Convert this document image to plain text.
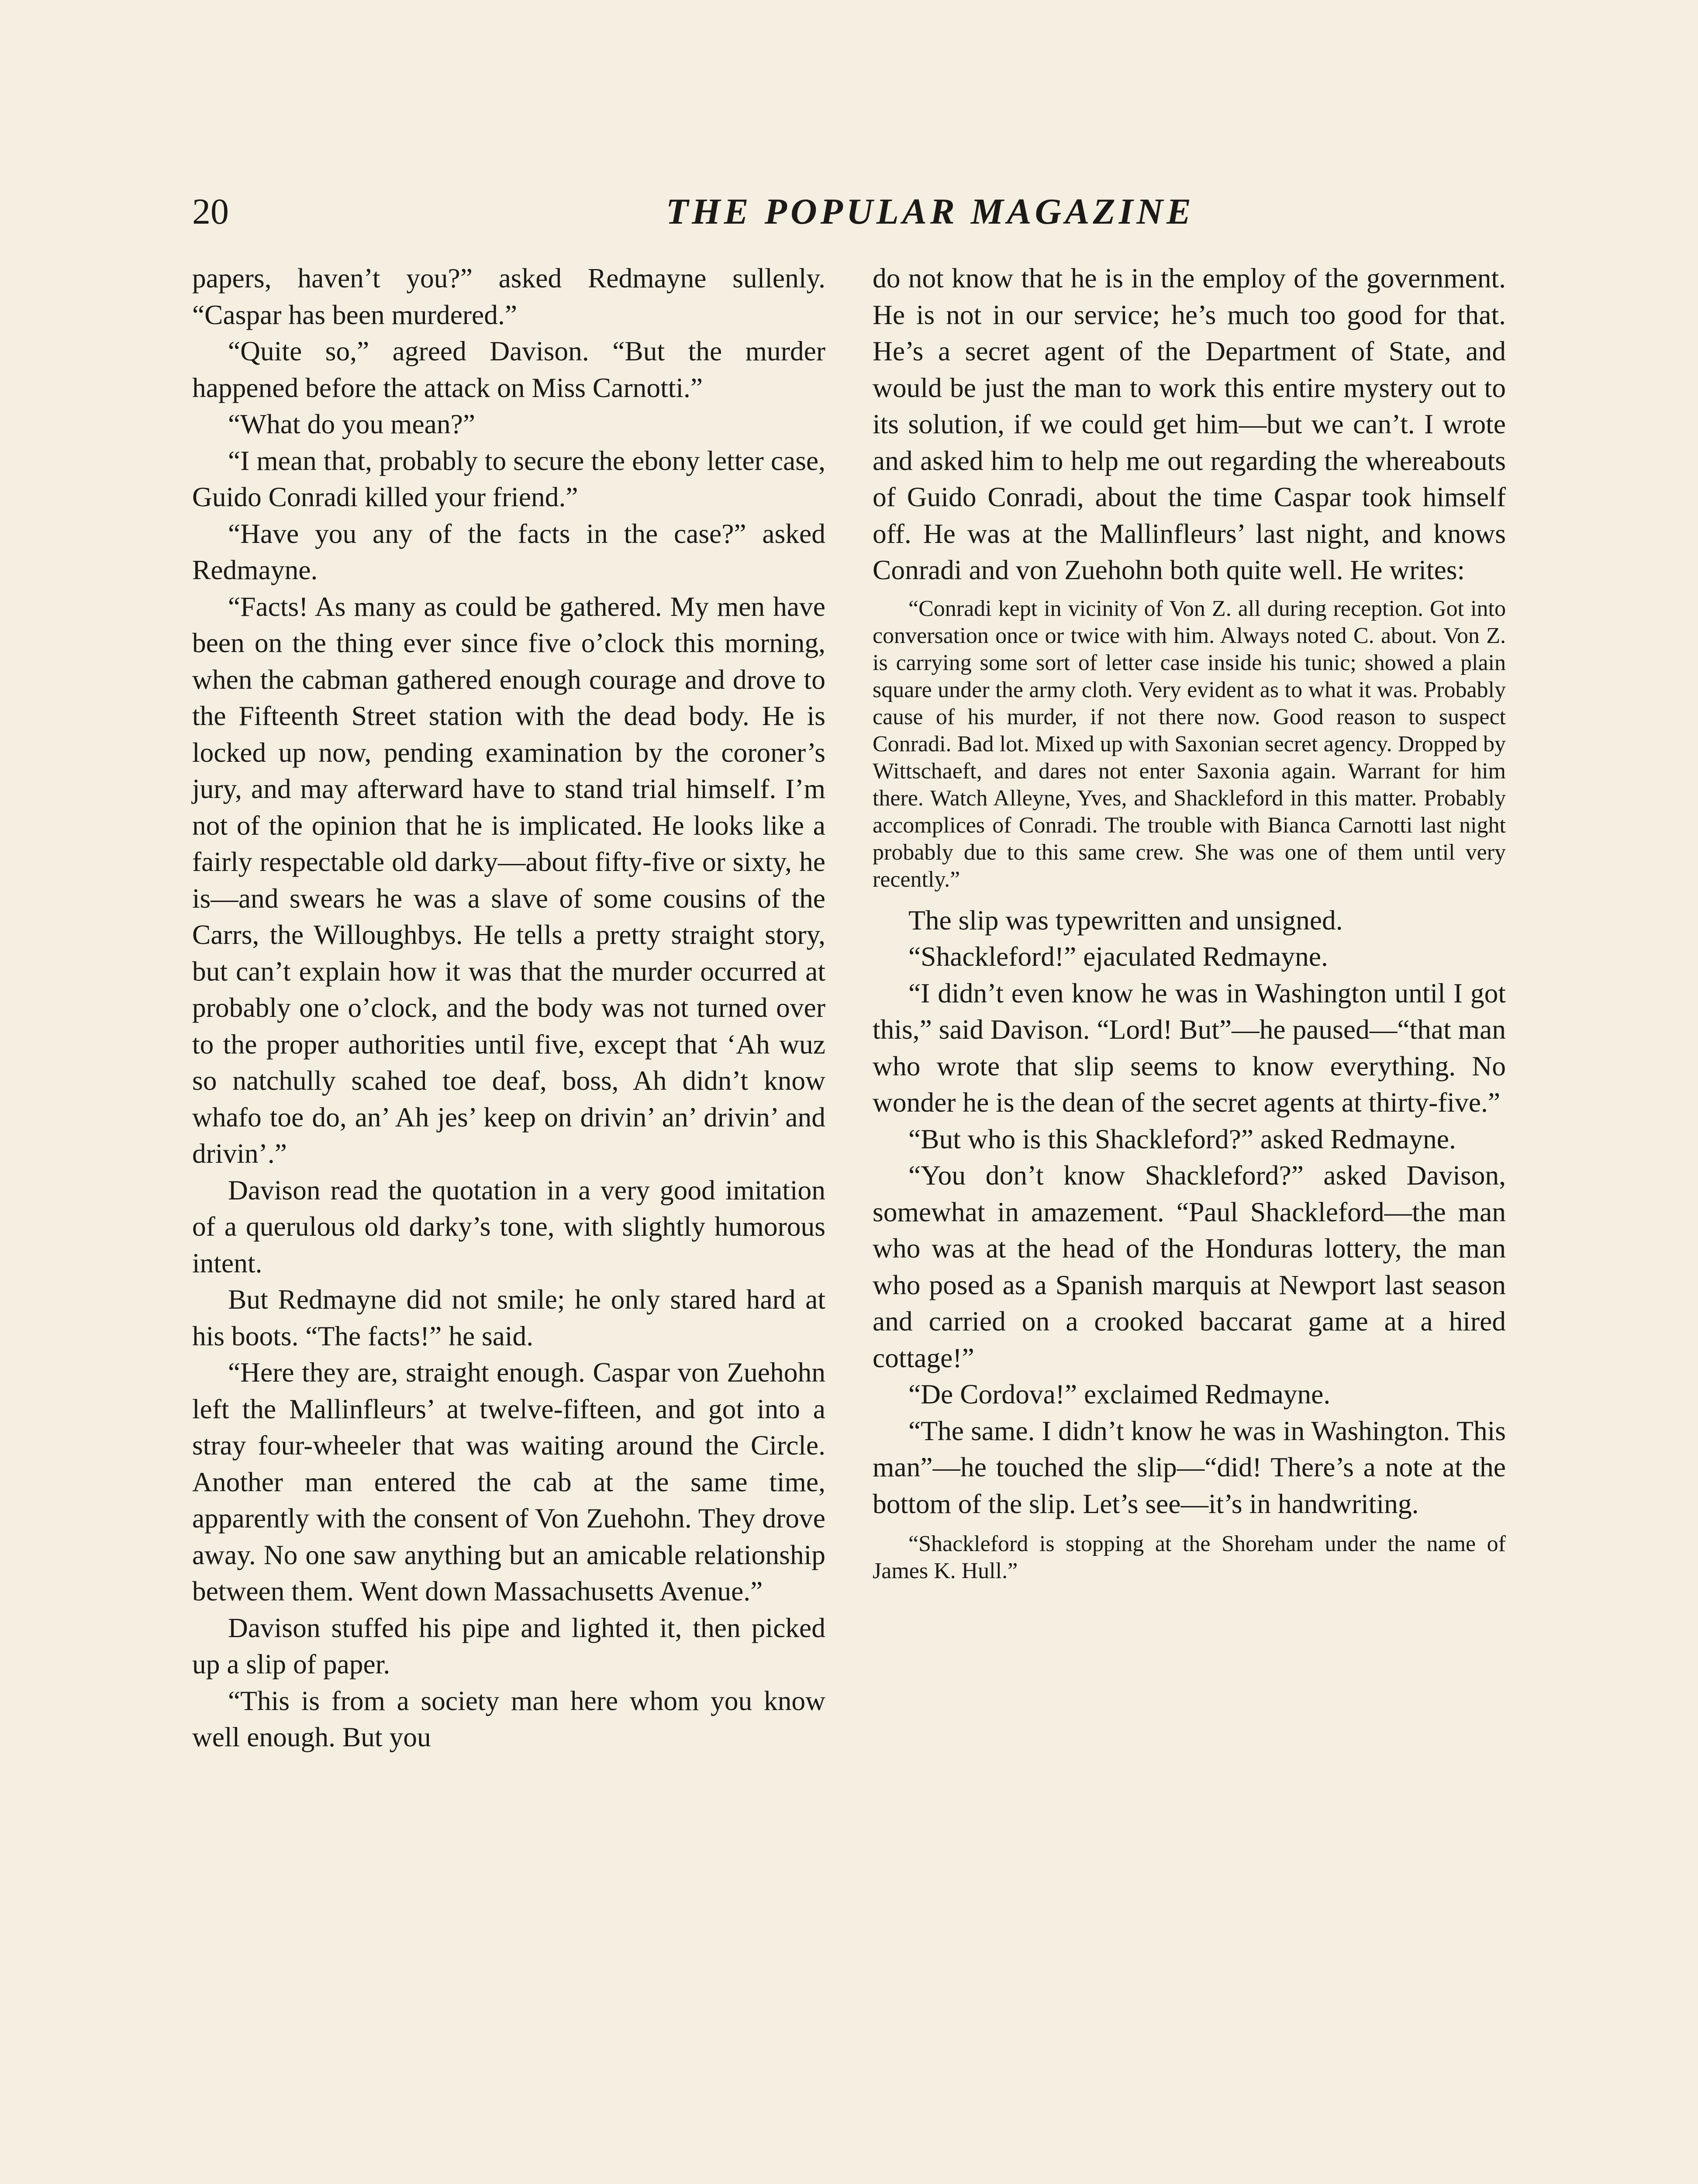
20	THE POPULAR MAGAZINE

papers, haven’t you?” asked Redmayne sullenly. “Caspar has been murdered.”

“Quite so,” agreed Davison. “But the murder happened before the attack on Miss Carnotti.”

“What do you mean?”

“I mean that, probably to secure the ebony letter case, Guido Conradi killed your friend.”

“Have you any of the facts in the case?” asked Redmayne.

“Facts! As many as could be gathered. My men have been on the thing ever since five o’clock this morning, when the cabman gathered enough courage and drove to the Fifteenth Street station with the dead body. He is locked up now, pending examination by the coroner’s jury, and may afterward have to stand trial himself. I’m not of the opinion that he is implicated. He looks like a fairly respectable old darky—about fifty-five or sixty, he is—and swears he was a slave of some cousins of the Carrs, the Willoughbys. He tells a pretty straight story, but can’t explain how it was that the murder occurred at probably one o’clock, and the body was not turned over to the proper authorities until five, except that ‘Ah wuz so natchully scahed toe deaf, boss, Ah didn’t know whafo toe do, an’ Ah jes’ keep on drivin’ an’ drivin’ and drivin’.”

Davison read the quotation in a very good imitation of a querulous old darky’s tone, with slightly humorous intent.

But Redmayne did not smile; he only stared hard at his boots. “The facts!” he said.

“Here they are, straight enough. Caspar von Zuehohn left the Mallinfleurs’ at twelve-fifteen, and got into a stray four-wheeler that was waiting around the Circle. Another man entered the cab at the same time, apparently with the consent of Von Zuehohn. They drove away. No one saw anything but an amicable relationship between them. Went down Massachusetts Avenue.”

Davison stuffed his pipe and lighted it, then picked up a slip of paper.

“This is from a society man here whom you know well enough. But you

do not know that he is in the employ of the government. He is not in our service; he’s much too good for that. He’s a secret agent of the Department of State, and would be just the man to work this entire mystery out to its solution, if we could get him—but we can’t. I wrote and asked him to help me out regarding the whereabouts of Guido Conradi, about the time Caspar took himself off. He was at the Mallinfleurs’ last night, and knows Conradi and von Zuehohn both quite well. He writes:

“Conradi kept in vicinity of Von Z. all during reception. Got into conversation once or twice with him. Always noted C. about. Von Z. is carrying some sort of letter case inside his tunic; showed a plain square under the army cloth. Very evident as to what it was. Probably cause of his murder, if not there now. Good reason to suspect Conradi. Bad lot. Mixed up with Saxonian secret agency. Dropped by Wittschaeft, and dares not enter Saxonia again. Warrant for him there. Watch Alleyne, Yves, and Shackleford in this matter. Probably accomplices of Conradi. The trouble with Bianca Carnotti last night probably due to this same crew. She was one of them until very recently.”

The slip was typewritten and unsigned.

“Shackleford!” ejaculated Redmayne.

“I didn’t even know he was in Washington until I got this,” said Davison. “Lord! But”—he paused—“that man who wrote that slip seems to know everything. No wonder he is the dean of the secret agents at thirty-five.”

“But who is this Shackleford?” asked Redmayne.

“You don’t know Shackleford?” asked Davison, somewhat in amazement. “Paul Shackleford—the man who was at the head of the Honduras lottery, the man who posed as a Spanish marquis at Newport last season and carried on a crooked baccarat game at a hired cottage!”

“De Cordova!” exclaimed Redmayne.

“The same. I didn’t know he was in Washington. This man”—he touched the slip—“did! There’s a note at the bottom of the slip. Let’s see—it’s in handwriting.

“Shackleford is stopping at the Shoreham under the name of James K. Hull.”
